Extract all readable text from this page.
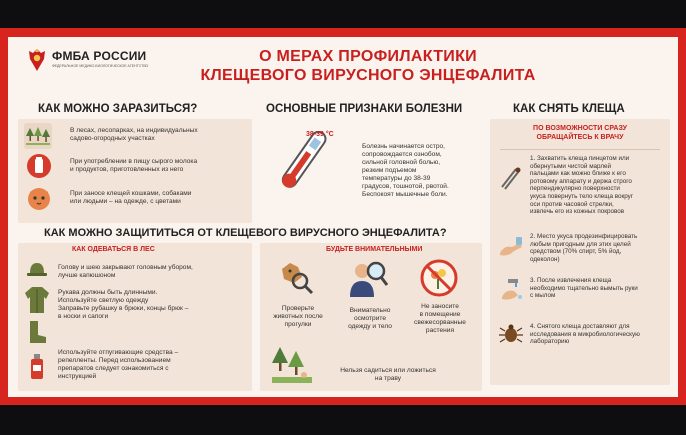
ФМБА РОССИИ
ФЕДЕРАЛЬНОЕ МЕДИКО-БИОЛОГИЧЕСКОЕ АГЕНТСТВО
О МЕРАХ ПРОФИЛАКТИКИ
КЛЕЩЕВОГО ВИРУСНОГО ЭНЦЕФАЛИТА
КАК МОЖНО ЗАРАЗИТЬСЯ?	ОСНОВНЫЕ ПРИЗНАКИ БОЛЕЗНИ	КАК СНЯТЬ КЛЕЩА
В лесах, лесопарках, на индивидуальных
садово-огородных участках
При употреблении в пищу сырого молока
и продуктов, приготовленных из него
При заносе клещей кошками, собаками
или людьми – на одежде, с цветами
38-39 °С
Болезнь начинается остро,
сопровождается ознобом,
сильной головной болью,
резким подъемом
температуры до 38-39
градусов, тошнотой, рвотой.
Беспокоят мышечные боли.
ПО ВОЗМОЖНОСТИ СРАЗУ
ОБРАЩАЙТЕСЬ К ВРАЧУ
1. Захватить клеща пинцетом или
обернутыми чистой марлей
пальцами как можно ближе к его
ротовому аппарату и держа строго
перпендикулярно поверхности
укуса повернуть тело клеща вокруг
оси против часовой стрелки,
извлечь его из кожных покровов
2. Место укуса продезинфицировать
любым пригодным для этих целей
средством (70% спирт, 5% йод,
одеколон)
3. После извлечения клеща
необходимо тщательно вымыть руки
с мылом
4. Снятого клеща доставляют для
исследования в микробиологическую
лабораторию
КАК МОЖНО ЗАЩИТИТЬСЯ ОТ КЛЕЩЕВОГО ВИРУСНОГО ЭНЦЕФАЛИТА?
КАК ОДЕВАТЬСЯ В ЛЕС
Голову и шею закрывают головным убором,
лучше капюшоном
Рукава должны быть длинными.
Используйте светлую одежду
Заправьте рубашку в брюки, концы брюк –
в носки и сапоги
Используйте отпугивающие средства –
репелленты. Перед использованием
препаратов следует ознакомиться с
инструкцией
БУДЬТЕ ВНИМАТЕЛЬНЫМИ
Проверьте
животных после
прогулки
Внимательно
осмотрите
одежду и тело
Не заносите
в помещение
свежесорванные
растения
Нельзя садиться или ложиться
на траву
